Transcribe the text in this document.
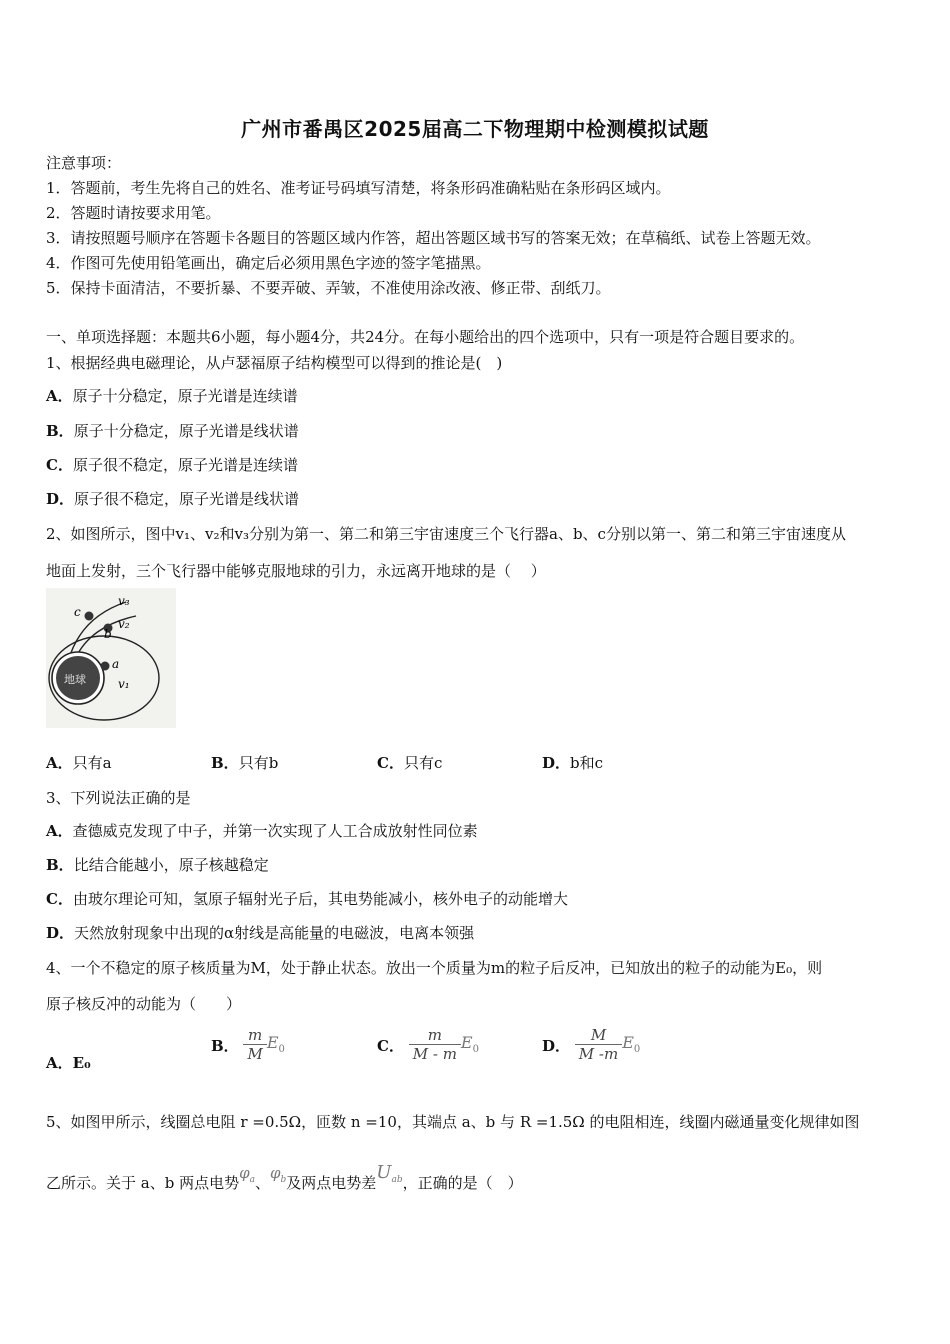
广州市番禺区2025届高二下物理期中检测模拟试题
注意事项：
1．答题前，考生先将自己的姓名、准考证号码填写清楚，将条形码准确粘贴在条形码区域内。
2．答题时请按要求用笔。
3．请按照题号顺序在答题卡各题目的答题区域内作答，超出答题区域书写的答案无效；在草稿纸、试卷上答题无效。
4．作图可先使用铅笔画出，确定后必须用黑色字迹的签字笔描黑。
5．保持卡面清洁，不要折暴、不要弄破、弄皱，不准使用涂改液、修正带、刮纸刀。
一、单项选择题：本题共6小题，每小题4分，共24分。在每小题给出的四个选项中，只有一项是符合题目要求的。
1、根据经典电磁理论，从卢瑟福原子结构模型可以得到的推论是(　)
A．原子十分稳定，原子光谱是连续谱
B．原子十分稳定，原子光谱是线状谱
C．原子很不稳定，原子光谱是连续谱
D．原子很不稳定，原子光谱是线状谱
2、如图所示，图中v₁、v₂和v₃分别为第一、第二和第三宇宙速度三个飞行器a、b、c分别以第一、第二和第三宇宙速度从
地面上发射，三个飞行器中能够克服地球的引力，永远离开地球的是（　 ）
地球
c
v₃
b
v₂
a
v₁
A．只有a	B．只有b	C．只有c	D．b和c
3、下列说法正确的是
A．查德威克发现了中子，并第一次实现了人工合成放射性同位素
B．比结合能越小，原子核越稳定
C．由玻尔理论可知，氢原子辐射光子后，其电势能减小，核外电子的动能增大
D．天然放射现象中出现的α射线是高能量的电磁波，电离本领强
4、一个不稳定的原子核质量为M，处于静止状态。放出一个质量为m的粒子后反冲，已知放出的粒子的动能为E₀，则
原子核反冲的动能为（　　）
A．E₀
B． $\frac{m}{M} E_0$	C． $\frac{m}{M - m} E_0$	D． $\frac{M}{M -m} E_0$
5、如图甲所示，线圈总电阻 r =0.5Ω，匝数 n =10，其端点 a、b 与 R =1.5Ω 的电阻相连，线圈内磁通量变化规律如图
乙所示。关于 a、b 两点电势$\varphi_a$、$\varphi_b$及两点电势差$U_{ab}$，正确的是（　）
